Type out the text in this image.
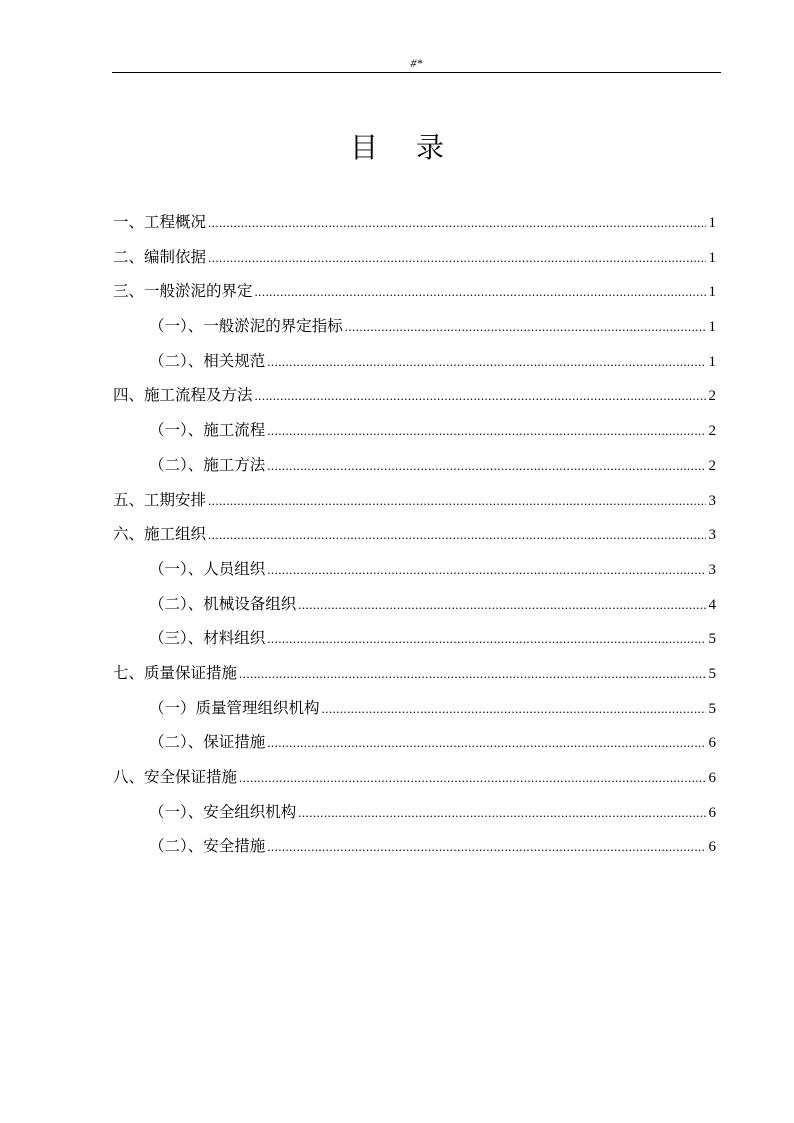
#*
目录
一、工程概况 .....	1
二、编制依据 .....	1
三、一般淤泥的界定 .....	1
（一）、一般淤泥的界定指标 .....	1
（二）、相关规范 .....	1
四、施工流程及方法 .....	2
（一）、施工流程 .....	2
（二）、施工方法 .....	2
五、工期安排 .....	3
六、施工组织 .....	3
（一）、人员组织 .....	3
（二）、机械设备组织 .....	4
（三）、材料组织 .....	5
七、质量保证措施 .....	5
（一）质量管理组织机构 .....	5
（二）、保证措施 .....	6
八、安全保证措施 .....	6
（一）、安全组织机构 .....	6
（二）、安全措施 .....	6
